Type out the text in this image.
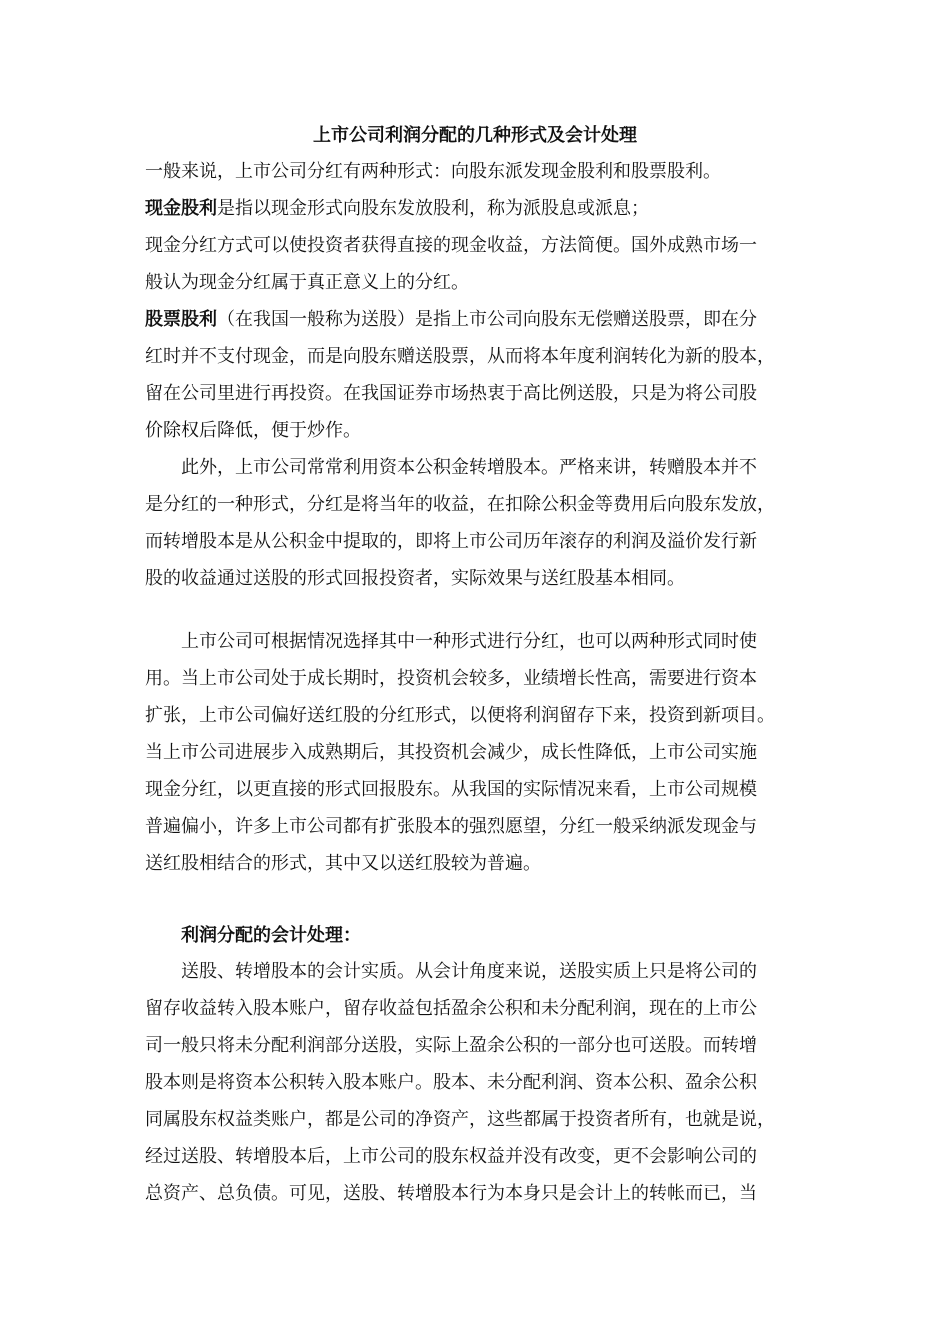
上市公司利润分配的几种形式及会计处理
一般来说，上市公司分红有两种形式：向股东派发现金股利和股票股利。
现金股利是指以现金形式向股东发放股利，称为派股息或派息；
现金分红方式可以使投资者获得直接的现金收益，方法简便。国外成熟市场一
般认为现金分红属于真正意义上的分红。
股票股利（在我国一般称为送股）是指上市公司向股东无偿赠送股票，即在分
红时并不支付现金，而是向股东赠送股票，从而将本年度利润转化为新的股本，
留在公司里进行再投资。在我国证券市场热衷于高比例送股，只是为将公司股
价除权后降低，便于炒作。
此外，上市公司常常利用资本公积金转增股本。严格来讲，转赠股本并不
是分红的一种形式，分红是将当年的收益，在扣除公积金等费用后向股东发放，
而转增股本是从公积金中提取的，即将上市公司历年滚存的利润及溢价发行新
股的收益通过送股的形式回报投资者，实际效果与送红股基本相同。
上市公司可根据情况选择其中一种形式进行分红，也可以两种形式同时使
用。当上市公司处于成长期时，投资机会较多，业绩增长性高，需要进行资本
扩张，上市公司偏好送红股的分红形式，以便将利润留存下来，投资到新项目。
当上市公司进展步入成熟期后，其投资机会减少，成长性降低，上市公司实施
现金分红，以更直接的形式回报股东。从我国的实际情况来看，上市公司规模
普遍偏小，许多上市公司都有扩张股本的强烈愿望，分红一般采纳派发现金与
送红股相结合的形式，其中又以送红股较为普遍。
利润分配的会计处理：
送股、转增股本的会计实质。从会计角度来说，送股实质上只是将公司的
留存收益转入股本账户，留存收益包括盈余公积和未分配利润，现在的上市公
司一般只将未分配利润部分送股，实际上盈余公积的一部分也可送股。而转增
股本则是将资本公积转入股本账户。股本、未分配利润、资本公积、盈余公积
同属股东权益类账户，都是公司的净资产，这些都属于投资者所有，也就是说，
经过送股、转增股本后，上市公司的股东权益并没有改变，更不会影响公司的
总资产、总负债。可见，送股、转增股本行为本身只是会计上的转帐而已，当
